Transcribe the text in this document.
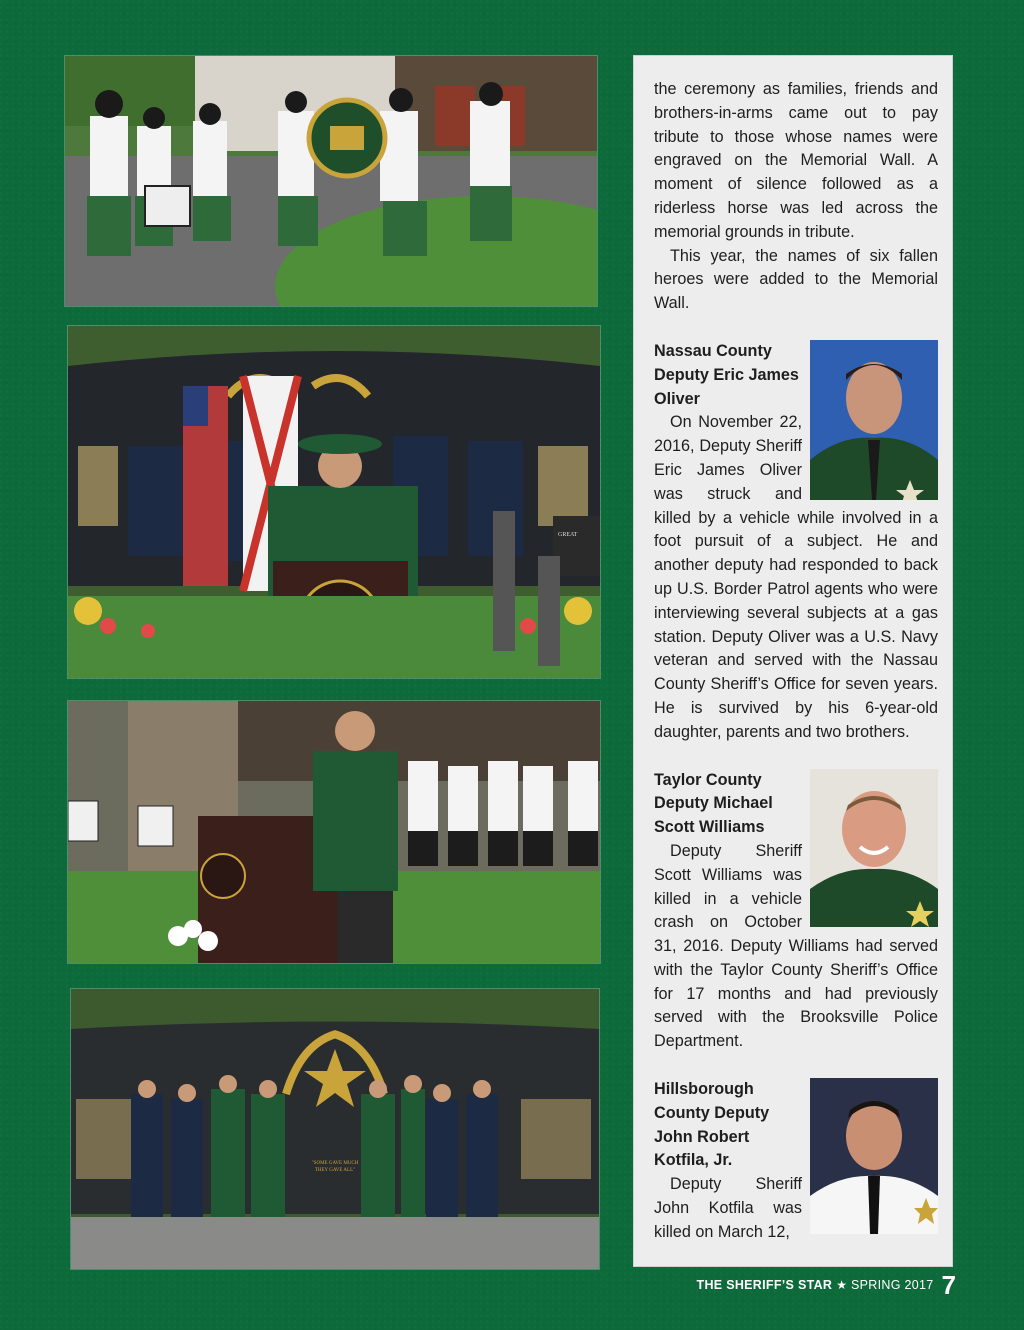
GREAT
"SOME GAVE MUCH
THEY GAVE ALL"

the ceremony as families, friends and brothers-in-arms came out to pay tribute to those whose names were engraved on the Memorial Wall. A moment of silence followed as a riderless horse was led across the memorial grounds in tribute.

This year, the names of six fallen heroes were added to the Memorial Wall.

Nassau County
Deputy Eric James
Oliver

On November 22, 2016, Deputy Sheriff Eric James Oliver was struck and killed by a vehicle while involved in a foot pursuit of a subject. He and another deputy had responded to back up U.S. Border Patrol agents who were interviewing several subjects at a gas station. Deputy Oliver was a U.S. Navy veteran and served with the Nassau County Sheriff’s Office for seven years. He is survived by his 6-year-old daughter, parents and two brothers.

Taylor County
Deputy Michael
Scott Williams

Deputy Sheriff Scott Williams was killed in a vehicle crash on October 31, 2016. Deputy Williams had served with the Taylor County Sheriff’s Office for 17 months and had previously served with the Brooksville Police Department.

Hillsborough
County Deputy
John Robert
Kotfila, Jr.

Deputy Sheriff John Kotfila was killed on March 12,

THE SHERIFF’S STAR ★ SPRING 2017 7
